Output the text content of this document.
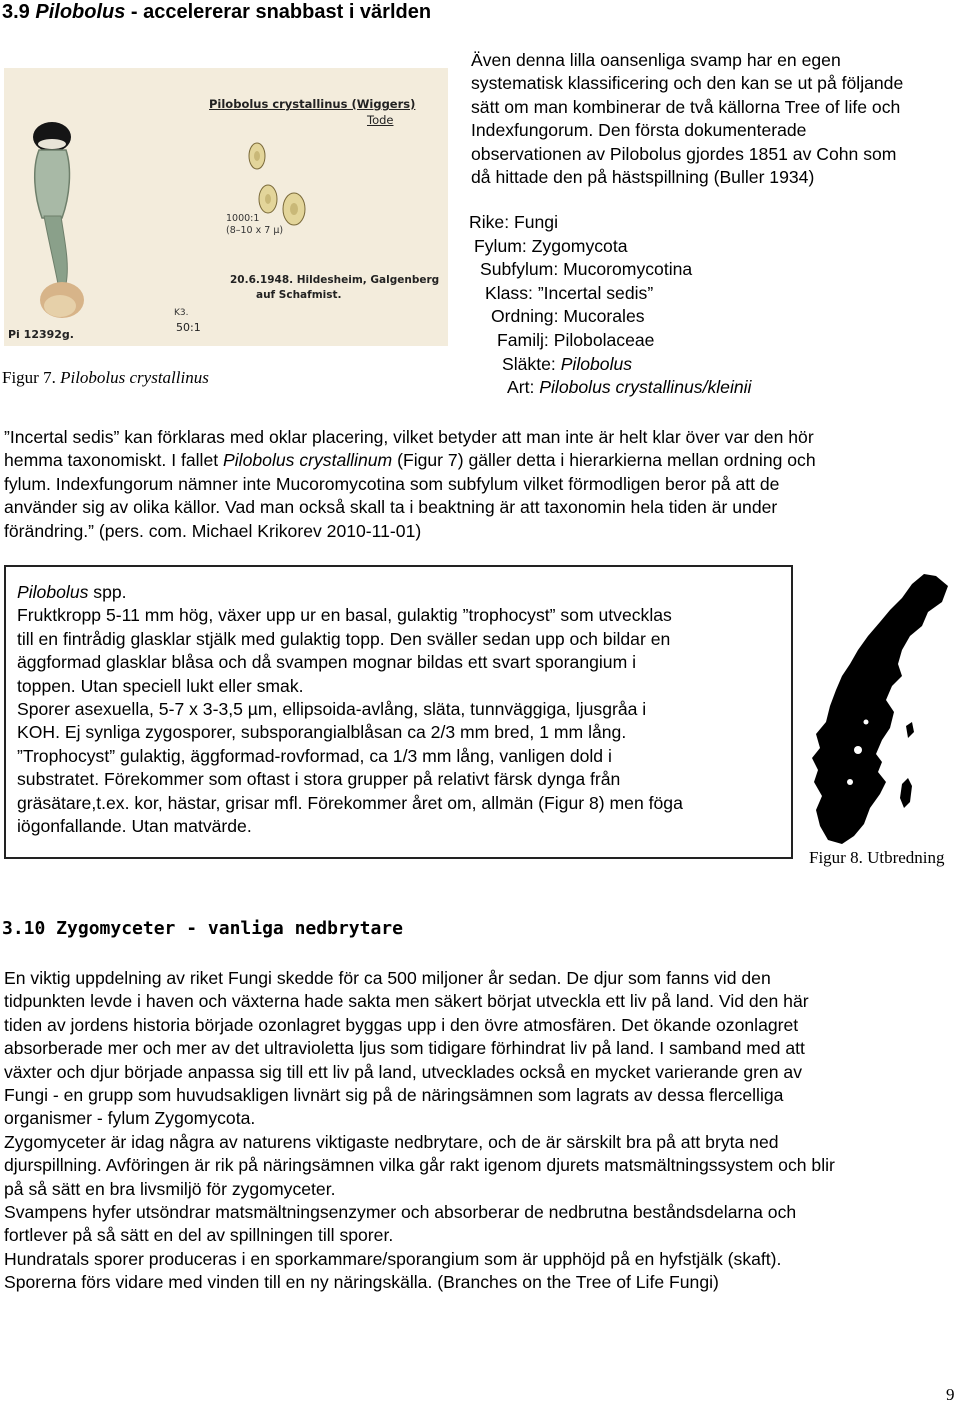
3.9 Pilobolus - accelererar snabbast i världen
Pilobolus crystallinus (Wiggers)
Tode
1000:1
(8–10 x 7 µ)
20.6.1948. Hildesheim, Galgenberg
auf Schafmist.
Pi 12392g.
K3.
50:1
Figur 7. Pilobolus crystallinus
Även denna lilla oansenliga svamp har en egen
systematisk klassificering och den kan se ut på följande
sätt om man kombinerar de två källorna Tree of life och
Indexfungorum. Den första dokumenterade
observationen av Pilobolus gjordes 1851 av Cohn som
då hittade den på hästspillning (Buller 1934)
Rike: Fungi
Fylum: Zygomycota
Subfylum: Mucoromycotina
Klass: ”Incertal sedis”
Ordning: Mucorales
Familj: Pilobolaceae
Släkte: Pilobolus
Art: Pilobolus crystallinus/kleinii
”Incertal sedis” kan förklaras med oklar placering, vilket betyder att man inte är helt klar över var den hör
hemma taxonomiskt. I fallet Pilobolus crystallinum (Figur 7) gäller detta i hierarkierna mellan ordning och
fylum. Indexfungorum nämner inte Mucoromycotina som subfylum vilket förmodligen beror på att de
använder sig av olika källor. Vad man också skall ta i beaktning är att taxonomin hela tiden är under
förändring.” (pers. com. Michael Krikorev 2010-11-01)
Pilobolus spp.
Fruktkropp 5-11 mm hög, växer upp ur en basal, gulaktig ”trophocyst” som utvecklas
till en fintrådig glasklar stjälk med gulaktig topp. Den sväller sedan upp och bildar en
äggformad glasklar blåsa och då svampen mognar bildas ett svart sporangium i
toppen. Utan speciell lukt eller smak.
Sporer asexuella, 5-7 x 3-3,5 µm, ellipsoida-avlång, släta, tunnväggiga, ljusgråa i
KOH. Ej synliga zygosporer, subsporangialblåsan ca 2/3 mm bred, 1 mm lång.
”Trophocyst” gulaktig, äggformad-rovformad, ca 1/3 mm lång, vanligen dold i
substratet. Förekommer som oftast i stora grupper på relativt färsk dynga från
gräsätare,t.ex. kor, hästar, grisar mfl. Förekommer året om, allmän (Figur 8) men föga
iögonfallande. Utan matvärde.
Figur 8. Utbredning
3.10 Zygomyceter - vanliga nedbrytare
En viktig uppdelning av riket Fungi skedde för ca 500 miljoner år sedan. De djur som fanns vid den
tidpunkten levde i haven och växterna hade sakta men säkert börjat utveckla ett liv på land. Vid den här
tiden av jordens historia började ozonlagret byggas upp i den övre atmosfären. Det ökande ozonlagret
absorberade mer och mer av det ultravioletta ljus som tidigare förhindrat liv på land. I samband med att
växter och djur började anpassa sig till ett liv på land, utvecklades också en mycket varierande gren av
Fungi - en grupp som huvudsakligen livnärt sig på de näringsämnen som lagrats av dessa flercelliga
organismer - fylum Zygomycota.
Zygomyceter är idag några av naturens viktigaste nedbrytare, och de är särskilt bra på att bryta ned
djurspillning. Avföringen är rik på näringsämnen vilka går rakt igenom djurets matsmältningssystem och blir
på så sätt en bra livsmiljö för zygomyceter.
Svampens hyfer utsöndrar matsmältningsenzymer och absorberar de nedbrutna beståndsdelarna och
fortlever på så sätt en del av spillningen till sporer.
Hundratals sporer produceras i en sporkammare/sporangium som är upphöjd på en hyfstjälk (skaft).
Sporerna förs vidare med vinden till en ny näringskälla. (Branches on the Tree of Life Fungi)
9
